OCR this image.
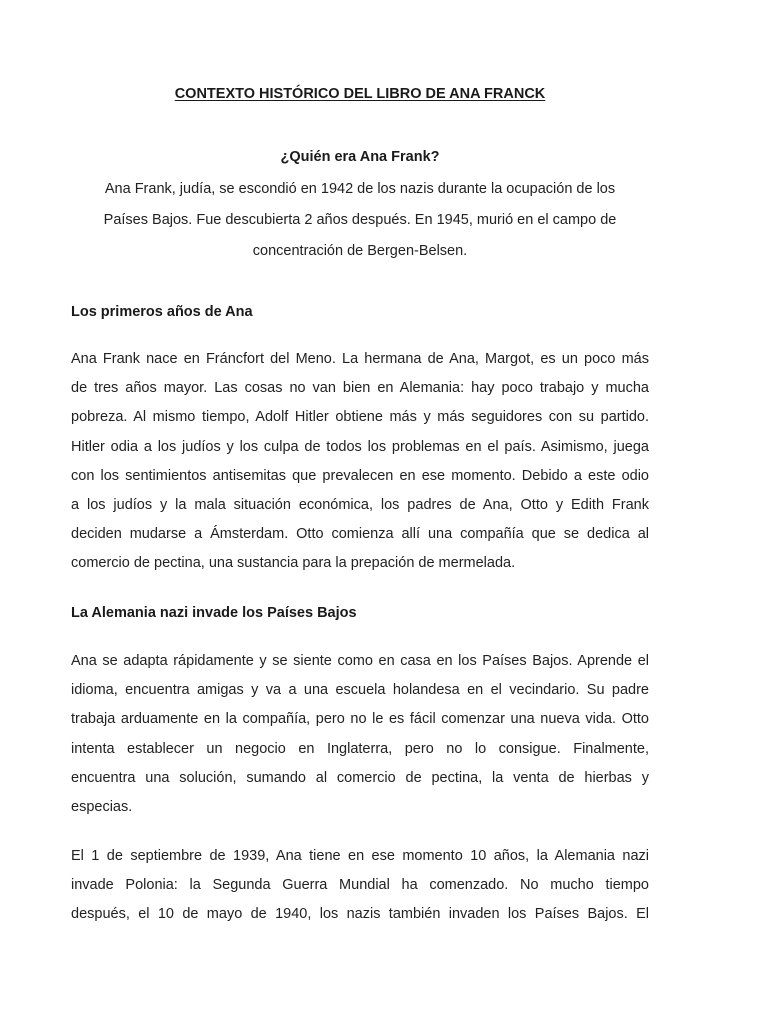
CONTEXTO HISTÓRICO DEL LIBRO DE ANA FRANCK
¿Quién era Ana Frank?

Ana Frank, judía, se escondió en 1942 de los nazis durante la ocupación de los
Países Bajos. Fue descubierta 2 años después. En 1945, murió en el campo de
concentración de Bergen-Belsen.

Los primeros años de Ana

Ana Frank nace en Fráncfort del Meno. La hermana de Ana, Margot, es un poco más
de tres años mayor. Las cosas no van bien en Alemania: hay poco trabajo y mucha
pobreza. Al mismo tiempo, Adolf Hitler obtiene más y más seguidores con su partido.
Hitler odia a los judíos y los culpa de todos los problemas en el país. Asimismo, juega
con los sentimientos antisemitas que prevalecen en ese momento. Debido a este odio
a los judíos y la mala situación económica, los padres de Ana, Otto y Edith Frank
deciden mudarse a Ámsterdam. Otto comienza allí una compañía que se dedica al
comercio de pectina, una sustancia para la prepación de mermelada.

La Alemania nazi invade los Países Bajos

Ana se adapta rápidamente y se siente como en casa en los Países Bajos. Aprende el
idioma, encuentra amigas y va a una escuela holandesa en el vecindario. Su padre
trabaja arduamente en la compañía, pero no le es fácil comenzar una nueva vida. Otto
intenta establecer un negocio en Inglaterra, pero no lo consigue. Finalmente,
encuentra una solución, sumando al comercio de pectina, la venta de hierbas y
especias.

El 1 de septiembre de 1939, Ana tiene en ese momento 10 años, la Alemania nazi
invade Polonia: la Segunda Guerra Mundial ha comenzado. No mucho tiempo
después, el 10 de mayo de 1940, los nazis también invaden los Países Bajos. El
